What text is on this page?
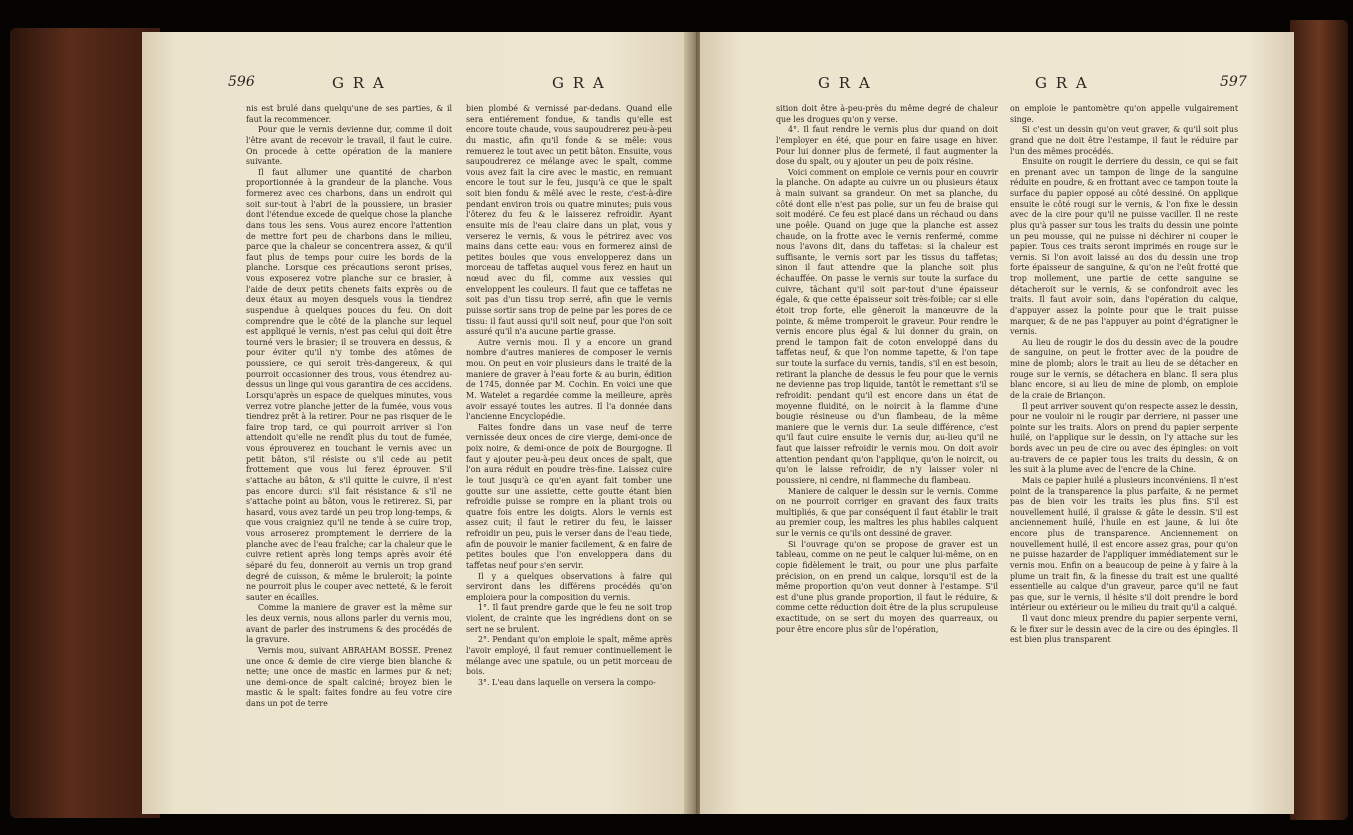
596	G R A	G R A

nis est brulé dans quelqu'une de ses parties, & il faut la recommencer.

Pour que le vernis devienne dur, comme il doit l'être avant de recevoir le travail, il faut le cuire. On procede à cette opération de la maniere suivante.

Il faut allumer une quantité de charbon proportionnée à la grandeur de la planche. Vous formerez avec ces charbons, dans un endroit qui soit sur-tout à l'abri de la poussiere, un brasier dont l'étendue excede de quelque chose la planche dans tous les sens. Vous aurez encore l'attention de mettre fort peu de charbons dans le milieu, parce que la chaleur se concentrera assez, & qu'il faut plus de temps pour cuire les bords de la planche. Lorsque ces précautions seront prises, vous exposerez votre planche sur ce brasier, à l'aide de deux petits chenets faits exprès ou de deux étaux au moyen desquels vous la tiendrez suspendue à quelques pouces du feu. On doit comprendre que le côté de la planche sur lequel est appliqué le vernis, n'est pas celui qui doit être tourné vers le brasier; il se trouvera en dessus, & pour éviter qu'il n'y tombe des atômes de poussiere, ce qui seroit très-dangereux, & qui pourroit occasionner des trous, vous étendrez au-dessus un linge qui vous garantira de ces accidens. Lorsqu'après un espace de quelques minutes, vous verrez votre planche jetter de la fumée, vous vous tiendrez prêt à la retirer. Pour ne pas risquer de le faire trop tard, ce qui pourroit arriver si l'on attendoit qu'elle ne rendît plus du tout de fumée, vous éprouverez en touchant le vernis avec un petit bâton, s'il résiste ou s'il cede au petit frottement que vous lui ferez éprouver. S'il s'attache au bâton, & s'il quitte le cuivre, il n'est pas encore durci: s'il fait résistance & s'il ne s'attache point au bâton, vous le retirerez. Si, par hasard, vous avez tardé un peu trop long-temps, & que vous craigniez qu'il ne tende à se cuire trop, vous arroserez promptement le derriere de la planche avec de l'eau fraîche; car la chaleur que le cuivre retient après long temps après avoir été séparé du feu, donneroit au vernis un trop grand degré de cuisson, & même le bruleroit; la pointe ne pourroit plus le couper avec netteté, & le feroit sauter en écailles.

Comme la maniere de graver est la même sur les deux vernis, nous allons parler du vernis mou, avant de parler des instrumens & des procédés de la gravure.

Vernis mou, suivant ABRAHAM BOSSE. Prenez une once & demie de cire vierge bien blanche & nette; une once de mastic en larmes pur & net; une demi-once de spalt calciné; broyez bien le mastic & le spalt: faites fondre au feu votre cire dans un pot de terre

bien plombé & vernissé par-dedans. Quand elle sera entiérement fondue, & tandis qu'elle est encore toute chaude, vous saupoudrerez peu-à-peu du mastic, afin qu'il fonde & se mêle: vous remuerez le tout avec un petit bâton. Ensuite, vous saupoudrerez ce mélange avec le spalt, comme vous avez fait la cire avec le mastic, en remuant encore le tout sur le feu, jusqu'à ce que le spalt soit bien fondu & mêlé avec le reste, c'est-à-dire pendant environ trois ou quatre minutes; puis vous l'ôterez du feu & le laisserez refroidir. Ayant ensuite mis de l'eau claire dans un plat, vous y verserez le vernis, & vous le pétrirez avec vos mains dans cette eau: vous en formerez ainsi de petites boules que vous envelopperez dans un morceau de taffetas auquel vous ferez en haut un nœud avec du fil, comme aux vessies qui enveloppent les couleurs. Il faut que ce taffetas ne soit pas d'un tissu trop serré, afin que le vernis puisse sortir sans trop de peine par les pores de ce tissu: il faut aussi qu'il soit neuf, pour que l'on soit assuré qu'il n'a aucune partie grasse.

Autre vernis mou. Il y a encore un grand nombre d'autres manieres de composer le vernis mou. On peut en voir plusieurs dans le traité de la maniere de graver à l'eau forte & au burin, édition de 1745, donnée par M. Cochin. En voici une que M. Watelet a regardée comme la meilleure, après avoir essayé toutes les autres. Il l'a donnée dans l'ancienne Encyclopédie.

Faites fondre dans un vase neuf de terre vernissée deux onces de cire vierge, demi-once de poix noire, & demi-once de poix de Bourgogne. Il faut y ajouter peu-à-peu deux onces de spalt, que l'on aura réduit en poudre très-fine. Laissez cuire le tout jusqu'à ce qu'en ayant fait tomber une goutte sur une assiette, cette goutte étant bien refroidie puisse se rompre en la pliant trois ou quatre fois entre les doigts. Alors le vernis est assez cuit; il faut le retirer du feu, le laisser refroidir un peu, puis le verser dans de l'eau tiede, afin de pouvoir le manier facilement, & en faire de petites boules que l'on enveloppera dans du taffetas neuf pour s'en servir.

Il y a quelques observations à faire qui serviront dans les différens procédés qu'on emploiera pour la composition du vernis.

1°. Il faut prendre garde que le feu ne soit trop violent, de crainte que les ingrédiens dont on se sert ne se brulent.

2°. Pendant qu'on emploie le spalt, même après l'avoir employé, il faut remuer continuellement le mélange avec une spatule, ou un petit morceau de bois.

3°. L'eau dans laquelle on versera la compo-

G R A	G R A	597

sition doit être à-peu-près du même degré de chaleur que les drogues qu'on y verse.

4°. Il faut rendre le vernis plus dur quand on doit l'employer en été, que pour en faire usage en hiver. Pour lui donner plus de fermeté, il faut augmenter la dose du spalt, ou y ajouter un peu de poix résine.

Voici comment on emploie ce vernis pour en couvrir la planche. On adapte au cuivre un ou plusieurs étaux à main suivant sa grandeur. On met sa planche, du côté dont elle n'est pas polie, sur un feu de braise qui soit modéré. Ce feu est placé dans un réchaud ou dans une poêle. Quand on juge que la planche est assez chaude, on la frotte avec le vernis renfermé, comme nous l'avons dit, dans du taffetas: si la chaleur est suffisante, le vernis sort par les tissus du taffetas; sinon il faut attendre que la planche soit plus échauffée. On passe le vernis sur toute la surface du cuivre, tâchant qu'il soit par-tout d'une épaisseur égale, & que cette épaisseur soit très-foible; car si elle étoit trop forte, elle gêneroit la manœuvre de la pointe, & même tromperoit le graveur. Pour rendre le vernis encore plus égal & lui donner du grain, on prend le tampon fait de coton enveloppé dans du taffetas neuf, & que l'on nomme tapette, & l'on tape sur toute la surface du vernis, tandis, s'il en est besoin, retirant la planche de dessus le feu pour que le vernis ne devienne pas trop liquide, tantôt le remettant s'il se refroidit: pendant qu'il est encore dans un état de moyenne fluidité, on le noircit à la flamme d'une bougie résineuse ou d'un flambeau, de la même maniere que le vernis dur. La seule différence, c'est qu'il faut cuire ensuite le vernis dur, au-lieu qu'il ne faut que laisser refroidir le vernis mou. On doit avoir attention pendant qu'on l'applique, qu'on le noircit, ou qu'on le laisse refroidir, de n'y laisser voler ni poussiere, ni cendre, ni flammeche du flambeau.

Maniere de calquer le dessin sur le vernis. Comme on ne pourroit corriger en gravant des faux traits multipliés, & que par conséquent il faut établir le trait au premier coup, les maîtres les plus habiles calquent sur le vernis ce qu'ils ont dessiné de graver.

Si l'ouvrage qu'on se propose de graver est un tableau, comme on ne peut le calquer lui-même, on en copie fidèlement le trait, ou pour une plus parfaite précision, on en prend un calque, lorsqu'il est de la même proportion qu'on veut donner à l'estampe. S'il est d'une plus grande proportion, il faut le réduire, & comme cette réduction doit être de la plus scrupuleuse exactitude, on se sert du moyen des quarreaux, ou pour être encore plus sûr de l'opération,

on emploie le pantomètre qu'on appelle vulgairement singe.

Si c'est un dessin qu'on veut graver, & qu'il soit plus grand que ne doit être l'estampe, il faut le réduire par l'un des mêmes procédés.

Ensuite on rougit le derriere du dessin, ce qui se fait en prenant avec un tampon de linge de la sanguine réduite en poudre, & en frottant avec ce tampon toute la surface du papier opposé au côté dessiné. On applique ensuite le côté rougi sur le vernis, & l'on fixe le dessin avec de la cire pour qu'il ne puisse vaciller. Il ne reste plus qu'à passer sur tous les traits du dessin une pointe un peu mousse, qui ne puisse ni déchirer ni couper le papier. Tous ces traits seront imprimés en rouge sur le vernis. Si l'on avoit laissé au dos du dessin une trop forte épaisseur de sanguine, & qu'on ne l'eût frotté que trop mollement, une partie de cette sanguine se détacheroit sur le vernis, & se confondroit avec les traits. Il faut avoir soin, dans l'opération du calque, d'appuyer assez la pointe pour que le trait puisse marquer, & de ne pas l'appuyer au point d'égratigner le vernis.

Au lieu de rougir le dos du dessin avec de la poudre de sanguine, on peut le frotter avec de la poudre de mine de plomb; alors le trait au lieu de se détacher en rouge sur le vernis, se détachera en blanc. Il sera plus blanc encore, si au lieu de mine de plomb, on emploie de la craie de Briançon.

Il peut arriver souvent qu'on respecte assez le dessin, pour ne vouloir ni le rougir par derriere, ni passer une pointe sur les traits. Alors on prend du papier serpente huilé, on l'applique sur le dessin, on l'y attache sur les bords avec un peu de cire ou avec des épingles: on voit au-travers de ce papier tous les traits du dessin, & on les suit à la plume avec de l'encre de la Chine.

Mais ce papier huilé a plusieurs inconvéniens. Il n'est point de la transparence la plus parfaite, & ne permet pas de bien voir les traits les plus fins. S'il est nouvellement huilé, il graisse & gâte le dessin. S'il est anciennement huilé, l'huile en est jaune, & lui ôte encore plus de transparence. Anciennement on nouvellement huilé, il est encore assez gras, pour qu'on ne puisse hazarder de l'appliquer immédiatement sur le vernis mou. Enfin on a beaucoup de peine à y faire à la plume un trait fin, & la finesse du trait est une qualité essentielle au calque d'un graveur, parce qu'il ne faut pas que, sur le vernis, il hésite s'il doit prendre le bord intérieur ou extérieur ou le milieu du trait qu'il a calqué.

Il vaut donc mieux prendre du papier serpente verni, & le fixer sur le dessin avec de la cire ou des épingles. Il est bien plus transparent
